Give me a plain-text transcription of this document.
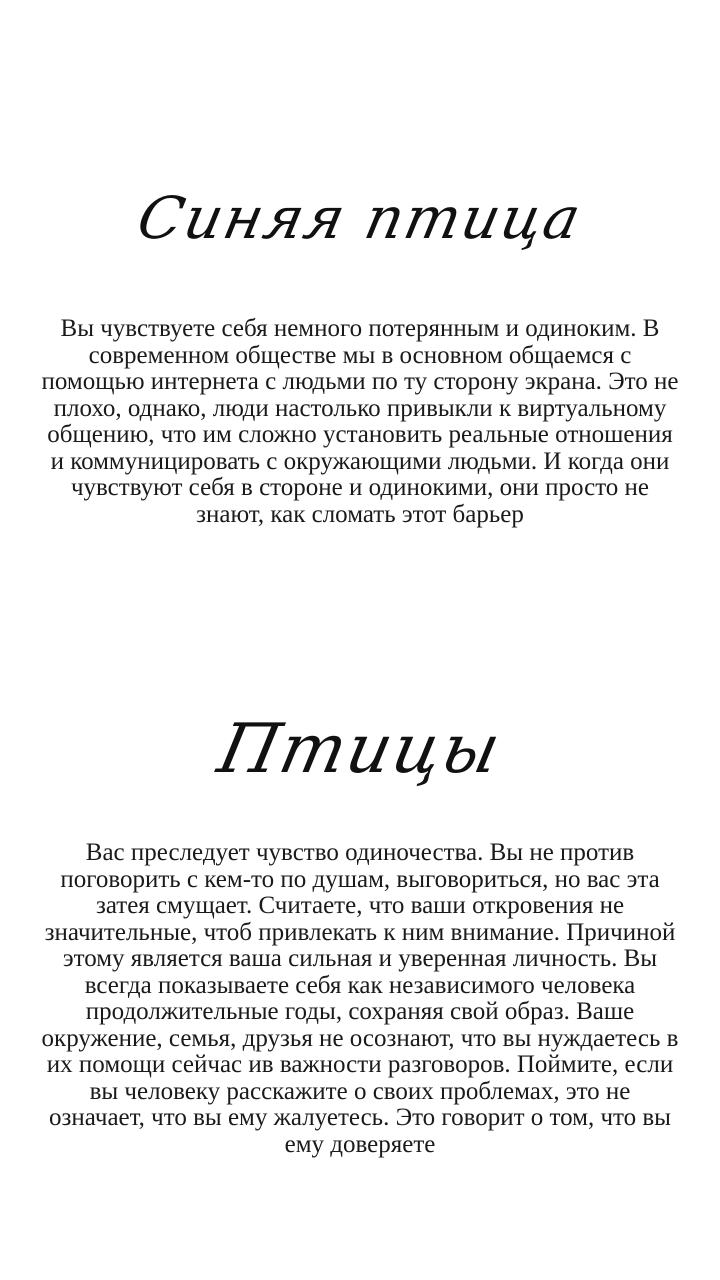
Синяя птица

Вы чувствуете себя немного потерянным и одиноким. В современном обществе мы в основном общаемся с помощью интернета с людьми по ту сторону экрана. Это не плохо, однако, люди настолько привыкли к виртуальному общению, что им сложно установить реальные отношения и коммуницировать с окружающими людьми. И когда они чувствуют себя в стороне и одинокими, они просто не знают, как сломать этот барьер

Птицы

Вас преследует чувство одиночества. Вы не против поговорить с кем-то по душам, выговориться, но вас эта затея смущает. Считаете, что ваши откровения не значительные, чтоб привлекать к ним внимание. Причиной этому является ваша сильная и уверенная личность. Вы всегда показываете себя как независимого человека продолжительные годы, сохраняя свой образ. Ваше окружение, семья, друзья не осознают, что вы нуждаетесь в их помощи сейчас ив важности разговоров. Поймите, если вы человеку расскажите о своих проблемах, это не означает, что вы ему жалуетесь. Это говорит о том, что вы ему доверяете
